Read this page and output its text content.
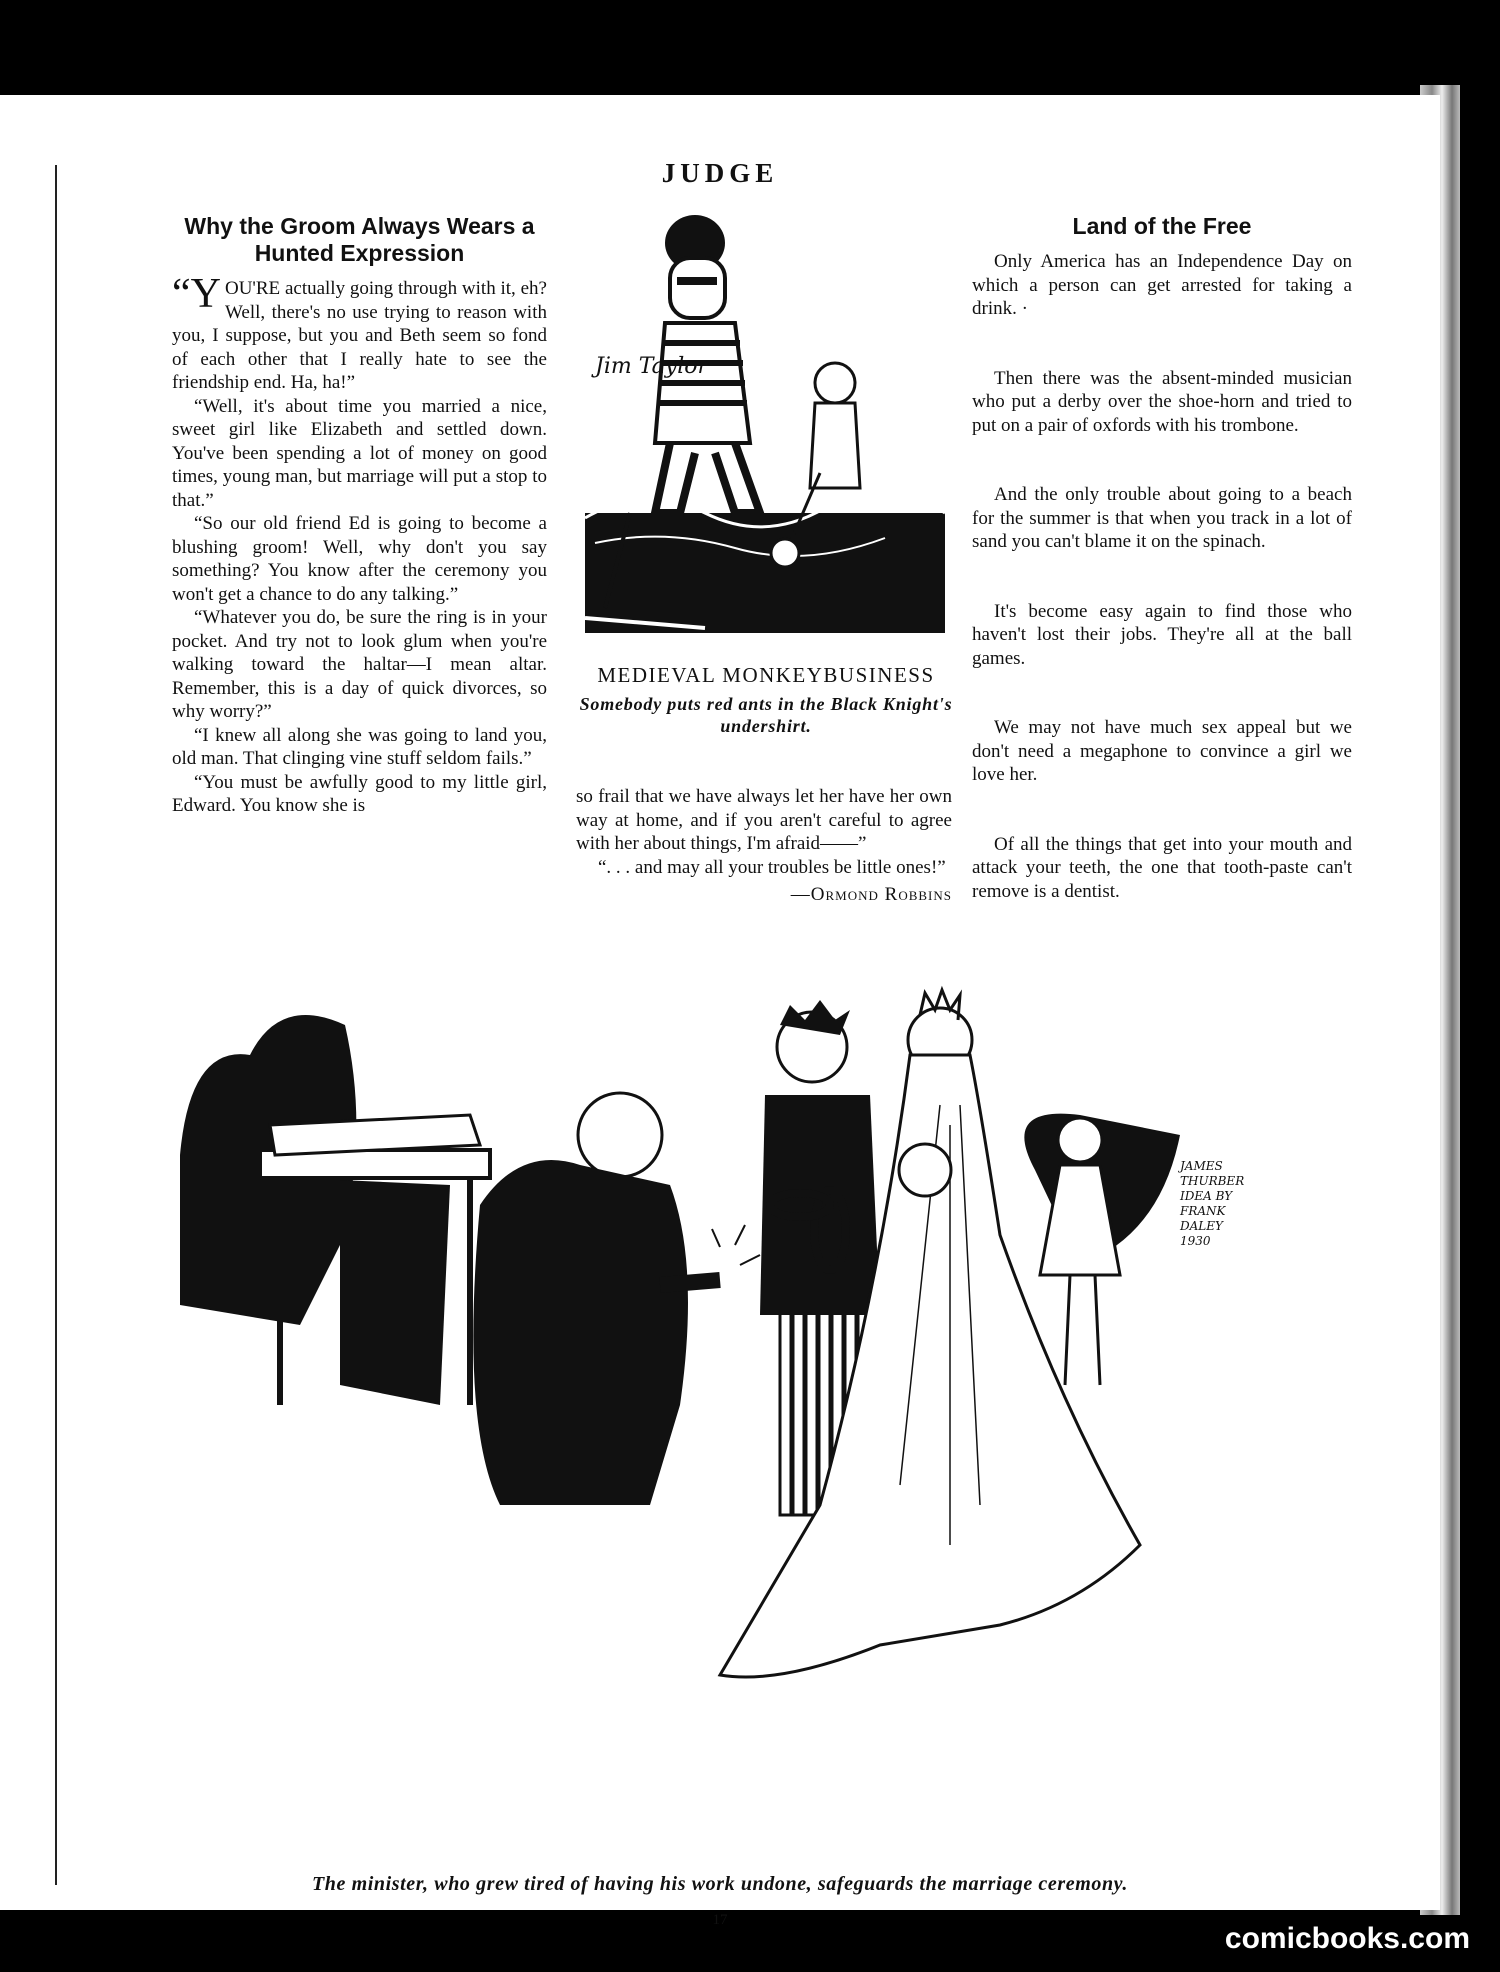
JUDGE
Why the Groom Always Wears a Hunted Expression

“YOU'RE actually going through with it, eh? Well, there's no use trying to reason with you, I suppose, but you and Beth seem so fond of each other that I really hate to see the friendship end. Ha, ha!”

“Well, it's about time you married a nice, sweet girl like Elizabeth and settled down. You've been spending a lot of money on good times, young man, but marriage will put a stop to that.”

“So our old friend Ed is going to become a blushing groom! Well, why don't you say something? You know after the ceremony you won't get a chance to do any talking.”

“Whatever you do, be sure the ring is in your pocket. And try not to look glum when you're walking toward the haltar—I mean altar. Remember, this is a day of quick divorces, so why worry?”

“I knew all along she was going to land you, old man. That clinging vine stuff seldom fails.”

“You must be awfully good to my little girl, Edward. You know she is

Jim Taylor
MEDIEVAL MONKEYBUSINESS
Somebody puts red ants in the Black Knight's undershirt.

so frail that we have always let her have her own way at home, and if you aren't careful to agree with her about things, I'm afraid——”

“. . . and may all your troubles be little ones!”

—Ormond Robbins
Land of the Free

Only America has an Independence Day on which a person can get arrested for taking a drink. ·

Then there was the absent-minded musician who put a derby over the shoe-horn and tried to put on a pair of oxfords with his trombone.

And the only trouble about going to a beach for the summer is that when you track in a lot of sand you can't blame it on the spinach.

It's become easy again to find those who haven't lost their jobs. They're all at the ball games.

We may not have much sex appeal but we don't need a megaphone to convince a girl we love her.

Of all the things that get into your mouth and attack your teeth, the one that tooth-paste can't remove is a dentist.

JAMES
THURBER
IDEA BY
FRANK
DALEY
1930
The minister, who grew tired of having his work undone, safeguards the marriage ceremony.
17
comicbooks.com
